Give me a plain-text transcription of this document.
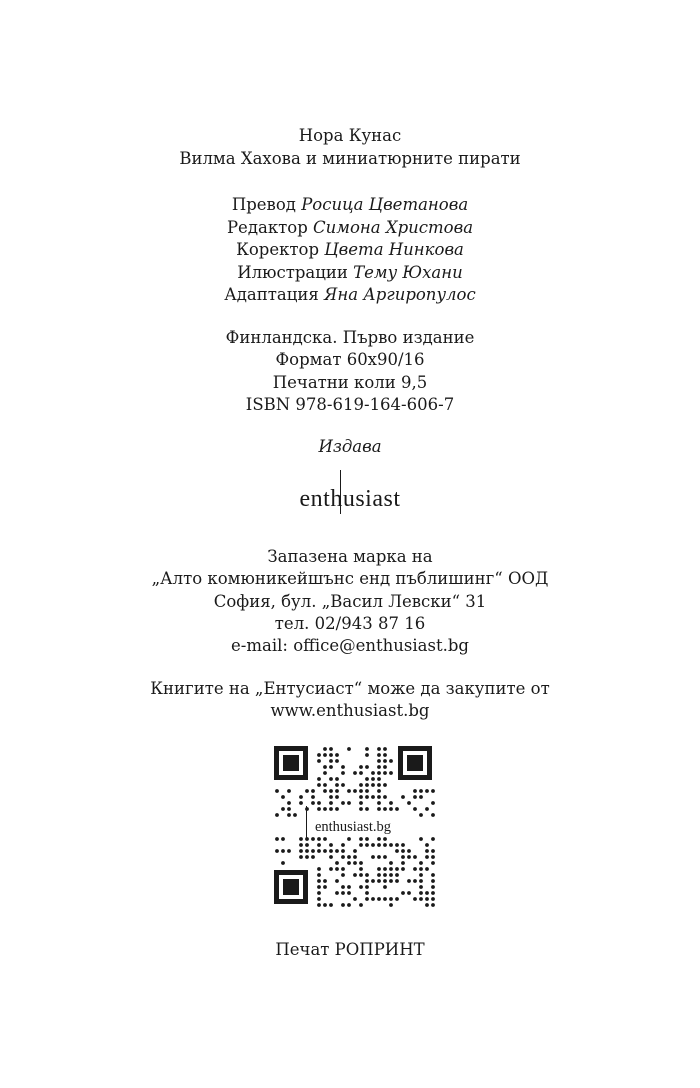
Нора Кунас
Вилма Хахова и миниатюрните пирати
Превод Росица Цветанова
Редактор Симона Христова
Коректор Цвета Нинкова
Илюстрации Тему Юхани
Адаптация Яна Аргиропулос
Финландска. Първо издание
Формат 60x90/16
Печатни коли 9,5
ISBN 978-619-164-606-7
Издава
enthusiast
Запазена марка на
„Алто комюникейшънс енд пъблишинг“ ООД
София, бул. „Васил Левски“ 31
тел. 02/943 87 16
e-mail: office@enthusiast.bg
Книгите на „Ентусиаст“ може да закупите от
www.enthusiast.bg
enthusiast.bg
Печат РОПРИНТ
